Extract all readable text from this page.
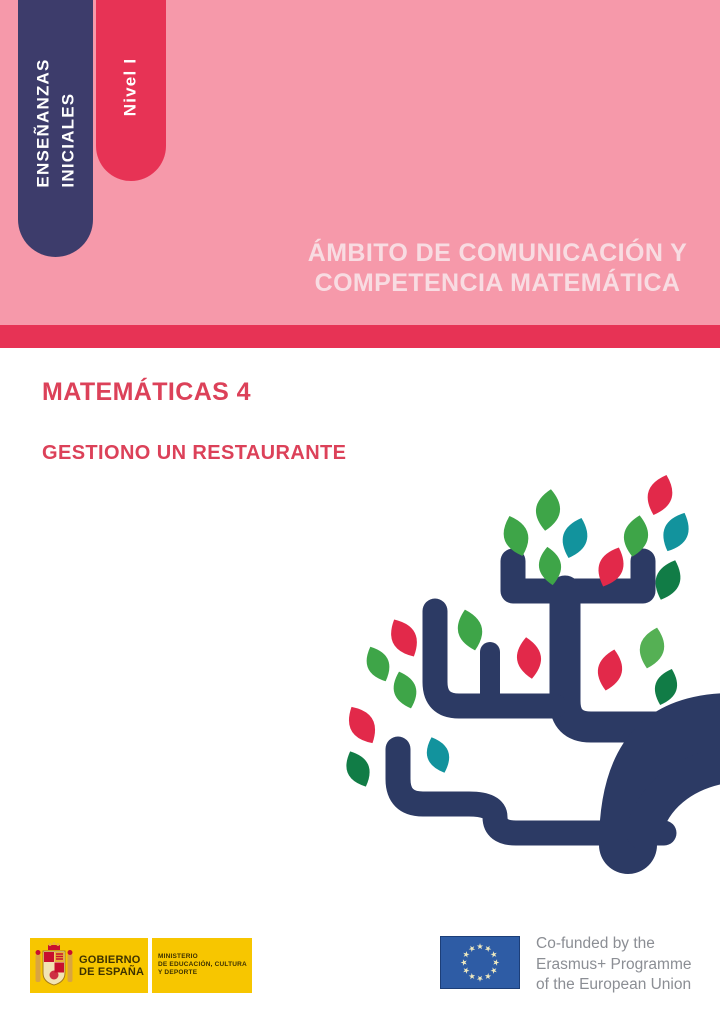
ENSEÑANZAS INICIALES
Nivel I
ÁMBITO DE COMUNICACIÓN Y
COMPETENCIA MATEMÁTICA
MATEMÁTICAS 4
GESTIONO UN RESTAURANTE
GOBIERNO
DE ESPAÑA
MINISTERIO
DE EDUCACIÓN, CULTURA
Y DEPORTE
Co-funded by the
Erasmus+ Programme
of the European Union
